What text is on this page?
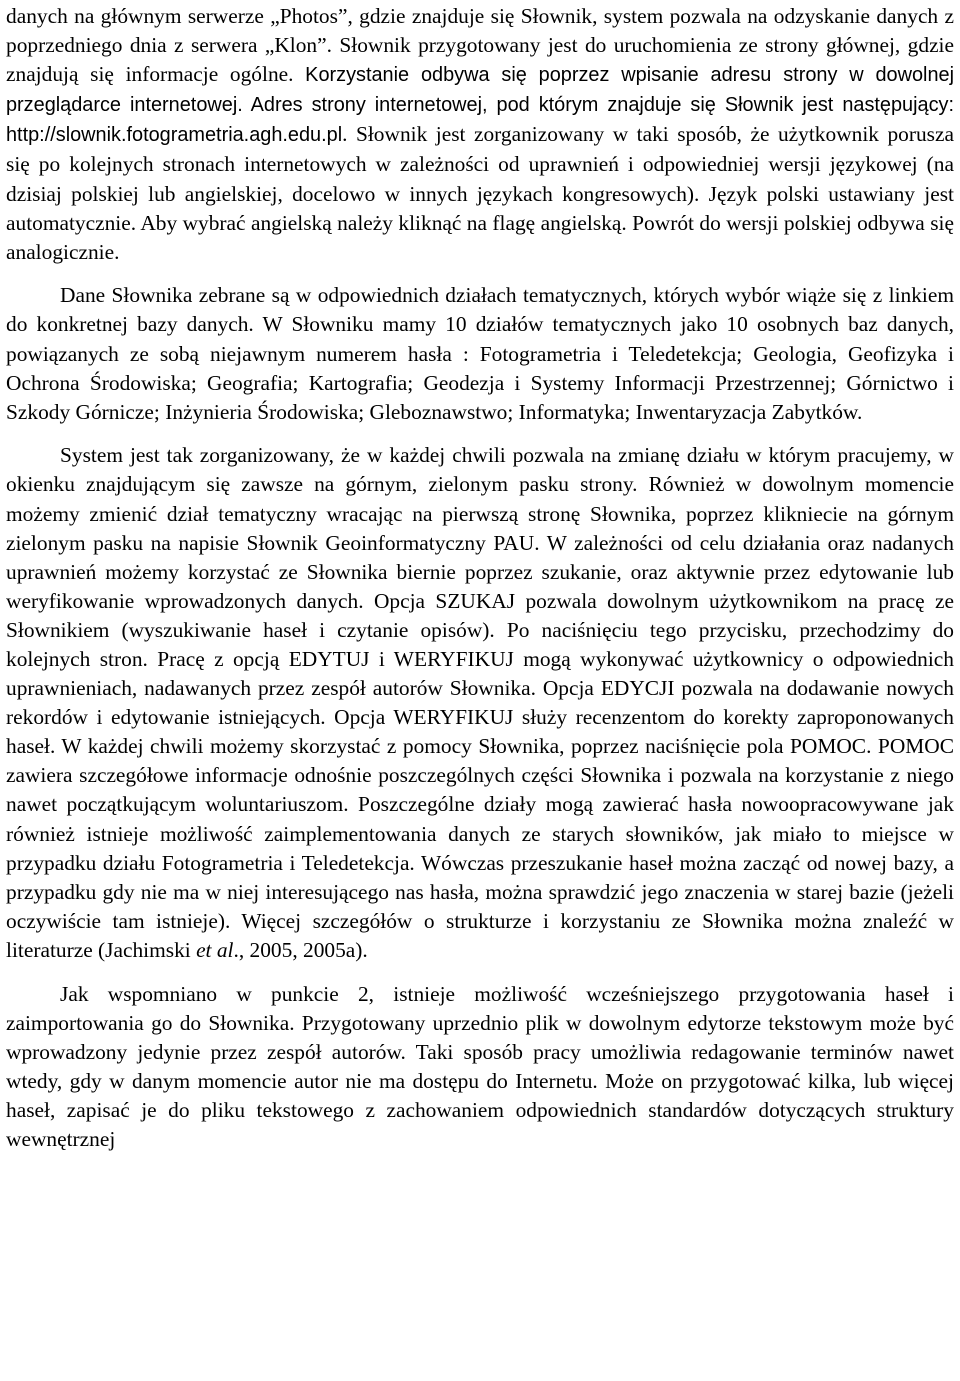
danych na głównym serwerze „Photos”, gdzie znajduje się Słownik, system pozwala na odzyskanie danych z poprzedniego dnia z serwera „Klon”. Słownik przygotowany jest do uruchomienia ze strony głównej, gdzie znajdują się informacje ogólne. Korzystanie odbywa się poprzez wpisanie adresu strony w dowolnej przeglądarce internetowej. Adres strony internetowej, pod którym znajduje się Słownik jest następujący: http://slownik.fotogrametria.agh.edu.pl. Słownik jest zorganizowany w taki sposób, że użytkownik porusza się po kolejnych stronach internetowych w zależności od uprawnień i odpowiedniej wersji językowej (na dzisiaj polskiej lub angielskiej, docelowo w innych językach kongresowych). Język polski ustawiany jest automatycznie. Aby wybrać angielską należy kliknąć na flagę angielską. Powrót do wersji polskiej odbywa się analogicznie.

Dane Słownika zebrane są w odpowiednich działach tematycznych, których wybór wiąże się z linkiem do konkretnej bazy danych. W Słowniku mamy 10 działów tematycznych jako 10 osobnych baz danych, powiązanych ze sobą niejawnym numerem hasła : Fotogrametria i Teledetekcja; Geologia, Geofizyka i Ochrona Środowiska; Geografia; Kartografia; Geodezja i Systemy Informacji Przestrzennej; Górnictwo i Szkody Górnicze; Inżynieria Środowiska; Gleboznawstwo; Informatyka; Inwentaryzacja Zabytków.

System jest tak zorganizowany, że w każdej chwili pozwala na zmianę działu w którym pracujemy, w okienku znajdującym się zawsze na górnym, zielonym pasku strony. Również w dowolnym momencie możemy zmienić dział tematyczny wracając na pierwszą stronę Słownika, poprzez klikniecie na górnym zielonym pasku na napisie Słownik Geoinformatyczny PAU. W zależności od celu działania oraz nadanych uprawnień możemy korzystać ze Słownika biernie poprzez szukanie, oraz aktywnie przez edytowanie lub weryfikowanie wprowadzonych danych. Opcja SZUKAJ pozwala dowolnym użytkownikom na pracę ze Słownikiem (wyszukiwanie haseł i czytanie opisów). Po naciśnięciu tego przycisku, przechodzimy do kolejnych stron. Pracę z opcją EDYTUJ i WERYFIKUJ mogą wykonywać użytkownicy o odpowiednich uprawnieniach, nadawanych przez zespół autorów Słownika. Opcja EDYCJI pozwala na dodawanie nowych rekordów i edytowanie istniejących. Opcja WERYFIKUJ służy recenzentom do korekty zaproponowanych haseł. W każdej chwili możemy skorzystać z pomocy Słownika, poprzez naciśnięcie pola POMOC. POMOC zawiera szczegółowe informacje odnośnie poszczególnych części Słownika i pozwala na korzystanie z niego nawet początkującym woluntariuszom. Poszczególne działy mogą zawierać hasła nowoopracowywane jak również istnieje możliwość zaimplementowania danych ze starych słowników, jak miało to miejsce w przypadku działu Fotogrametria i Teledetekcja. Wówczas przeszukanie haseł można zacząć od nowej bazy, a przypadku gdy nie ma w niej interesującego nas hasła, można sprawdzić jego znaczenia w starej bazie (jeżeli oczywiście tam istnieje). Więcej szczegółów o strukturze i korzystaniu ze Słownika można znaleźć w literaturze (Jachimski et al., 2005, 2005a).

Jak wspomniano w punkcie 2, istnieje możliwość wcześniejszego przygotowania haseł i zaimportowania go do Słownika. Przygotowany uprzednio plik w dowolnym edytorze tekstowym może być wprowadzony jedynie przez zespół autorów. Taki sposób pracy umożliwia redagowanie terminów nawet wtedy, gdy w danym momencie autor nie ma dostępu do Internetu. Może on przygotować kilka, lub więcej haseł, zapisać je do pliku tekstowego z zachowaniem odpowiednich standardów dotyczących struktury wewnętrznej
